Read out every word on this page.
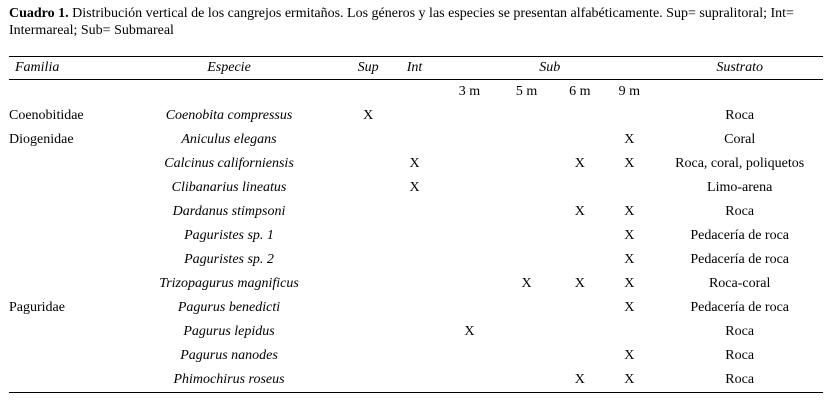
Cuadro 1. Distribución vertical de los cangrejos ermitaños. Los géneros y las especies se presentan alfabéticamente. Sup= supralitoral; Int= Intermareal; Sub= Submareal
Familia	Especie	Sup	Int	Sub				Sustrato
				3 m	5 m	6 m	9 m	
Coenobitidae	Coenobita compressus	X						Roca
Diogenidae	Aniculus elegans						X	Coral
	Calcinus californiensis		X			X	X	Roca, coral, poliquetos
	Clibanarius lineatus		X					Limo-arena
	Dardanus stimpsoni					X	X	Roca
	Paguristes sp. 1						X	Pedacería de roca
	Paguristes sp. 2						X	Pedacería de roca
	Trizopagurus magnificus				X	X	X	Roca-coral
Paguridae	Pagurus benedicti						X	Pedacería de roca
	Pagurus lepidus			X				Roca
	Pagurus nanodes						X	Roca
	Phimochirus roseus					X	X	Roca
